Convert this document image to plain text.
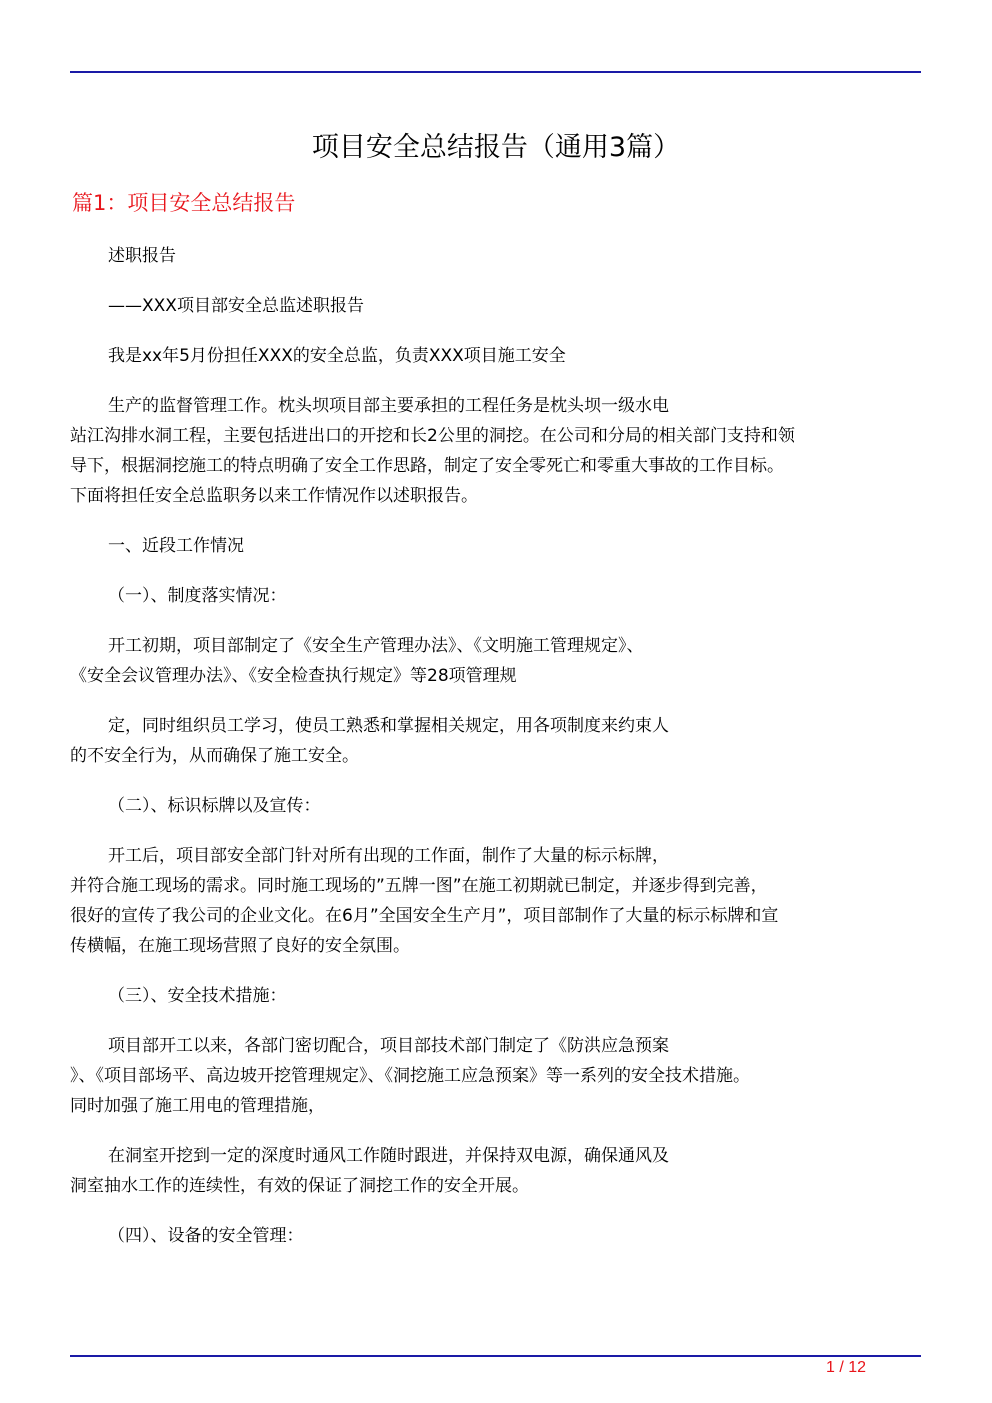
项目安全总结报告（通用3篇）
篇1：项目安全总结报告
述职报告
——XXX项目部安全总监述职报告
我是xx年5月份担任XXX的安全总监，负责XXX项目施工安全
生产的监督管理工作。枕头坝项目部主要承担的工程任务是枕头坝一级水电
站江沟排水洞工程，主要包括进出口的开挖和长2公里的洞挖。在公司和分局的相关部门支持和领
导下，根据洞挖施工的特点明确了安全工作思路，制定了安全零死亡和零重大事故的工作目标。
下面将担任安全总监职务以来工作情况作以述职报告。
一、近段工作情况
（一）、制度落实情况：
开工初期，项目部制定了《安全生产管理办法》、《文明施工管理规定》、
《安全会议管理办法》、《安全检查执行规定》等28项管理规
定，同时组织员工学习，使员工熟悉和掌握相关规定，用各项制度来约束人
的不安全行为，从而确保了施工安全。
（二）、标识标牌以及宣传：
开工后，项目部安全部门针对所有出现的工作面，制作了大量的标示标牌，
并符合施工现场的需求。同时施工现场的”五牌一图”在施工初期就已制定，并逐步得到完善，
很好的宣传了我公司的企业文化。在6月”全国安全生产月”，项目部制作了大量的标示标牌和宣
传横幅，在施工现场营照了良好的安全氛围。
（三）、安全技术措施：
项目部开工以来，各部门密切配合，项目部技术部门制定了《防洪应急预案
》、《项目部场平、高边坡开挖管理规定》、《洞挖施工应急预案》等一系列的安全技术措施。
同时加强了施工用电的管理措施，
在洞室开挖到一定的深度时通风工作随时跟进，并保持双电源，确保通风及
洞室抽水工作的连续性，有效的保证了洞挖工作的安全开展。
（四）、设备的安全管理：
1 / 12
